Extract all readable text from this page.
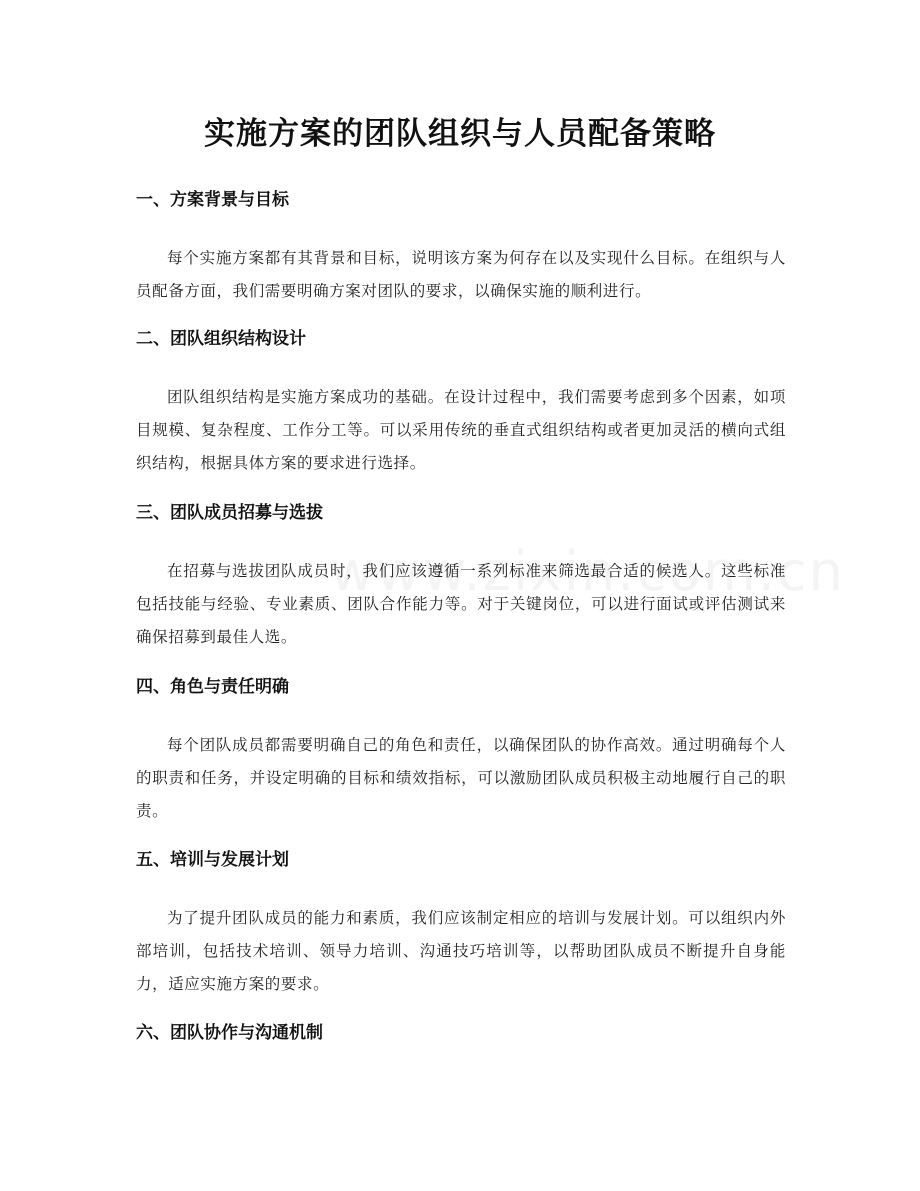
实施方案的团队组织与人员配备策略
一、方案背景与目标

每个实施方案都有其背景和目标，说明该方案为何存在以及实现什么目标。在组织与人员配备方面，我们需要明确方案对团队的要求，以确保实施的顺利进行。

二、团队组织结构设计

团队组织结构是实施方案成功的基础。在设计过程中，我们需要考虑到多个因素，如项目规模、复杂程度、工作分工等。可以采用传统的垂直式组织结构或者更加灵活的横向式组织结构，根据具体方案的要求进行选择。

三、团队成员招募与选拔

在招募与选拔团队成员时，我们应该遵循一系列标准来筛选最合适的候选人。这些标准包括技能与经验、专业素质、团队合作能力等。对于关键岗位，可以进行面试或评估测试来确保招募到最佳人选。

四、角色与责任明确

每个团队成员都需要明确自己的角色和责任，以确保团队的协作高效。通过明确每个人的职责和任务，并设定明确的目标和绩效指标，可以激励团队成员积极主动地履行自己的职责。

五、培训与发展计划

为了提升团队成员的能力和素质，我们应该制定相应的培训与发展计划。可以组织内外部培训，包括技术培训、领导力培训、沟通技巧培训等，以帮助团队成员不断提升自身能力，适应实施方案的要求。

六、团队协作与沟通机制
